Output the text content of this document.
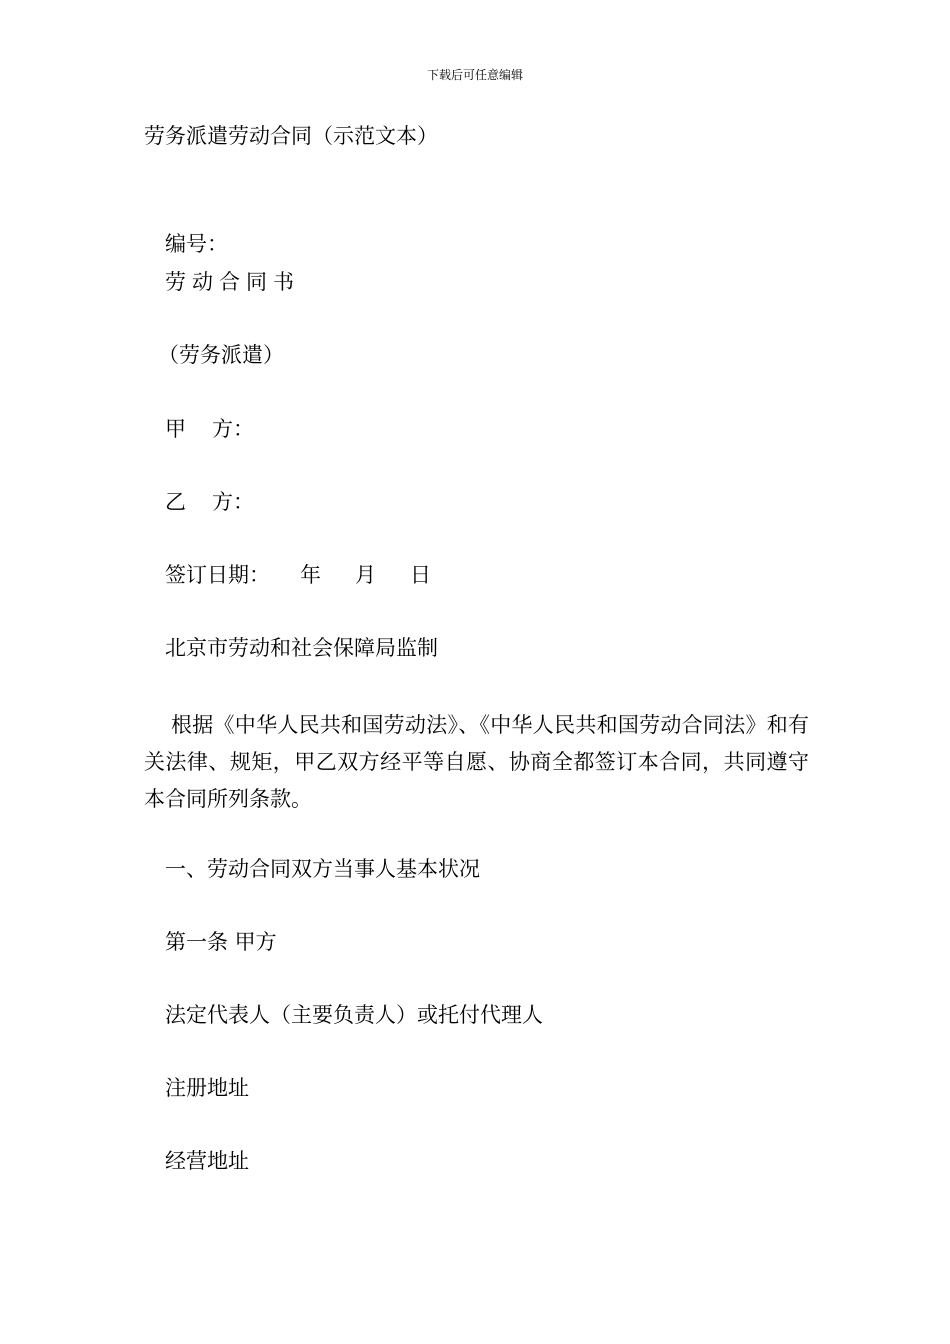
下载后可任意编辑
劳务派遣劳动合同（示范文本）
编号：
劳动合同书
（劳务派遣）
甲 方：
乙 方：
签订日期： 年 月 日
北京市劳动和社会保障局监制
根据《中华人民共和国劳动法》、《中华人民共和国劳动合同法》和有关法律、规矩，甲乙双方经平等自愿、协商全都签订本合同，共同遵守本合同所列条款。
一、劳动合同双方当事人基本状况
第一条 甲方
法定代表人（主要负责人）或托付代理人
注册地址
经营地址
